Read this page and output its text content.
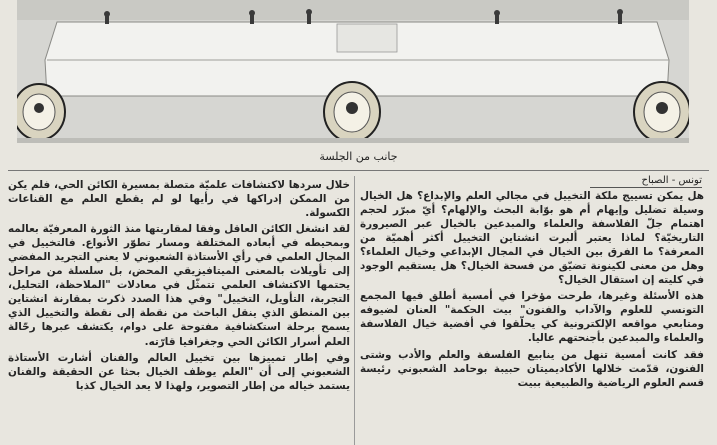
جانب من الجلسة
تونس - الصباح

هل يمكن تسييج ملكة التخييل في مجالي العلم والإبداع؟ هل الخيال وسيلة تضليل وإيهام أم هو بوّابة البحث والإلهام؟ أيّ مبرّر لحجم اهتمام جلّ الفلاسفة والعلماء والمبدعين بالخيال عبر الصيرورة التاريخيّة؟ لماذا يعتبر ألبرت انشتاين التخييل أكثر أهميّة من المعرفة؟ ما الفرق بين الخيال في المجال الإبداعي وخيال العلماء؟ وهل من معنى لكينونة تضيّق من فسحة الخيال؟ هل يستقيم الوجود في كليته إن استقال الخيال؟

هذه الأسئلة وغيرها، طرحت مؤخرا في أمسية أطلق فيها المجمع التونسي للعلوم والآداب والفنون" بيت الحكمة" العنان لضيوفه ومتابعي مواقعه الإلكترونية كي يحلّقوا في أفضية خيال الفلاسفة والعلماء والمبدعين بأجنحتهم عاليا.

فقد كانت أمسية تنهل من ينابيع الفلسفة والعلم والأدب وشتى الفنون، قدّمت خلالها الأكاديميتان حبيبة بوحامد الشعبوني رئيسة قسم العلوم الرياضية والطبيعية ببيت

خلال سردها لاكتشافات علميّة متصلة بمسيرة الكائن الحي، فلم يكن من الممكن إدراكها في رأيها لو لم يقطع العلم مع القناعات الكسولة.

لقد انشغل الكائن العاقل وفقا لمقاربتها منذ الثورة المعرفيّة بعالمه وبمحيطه في أبعاده المختلفة ومسار تطوّر الأنواع. فالتخييل في المجال العلمي في رأي الأستاذة الشعبوني لا يعني التجريد المفضي إلى تأويلات بالمعنى الميتافيزيقي المحض، بل سلسلة من مراحل يحتمها الاكتشاف العلمي تتمثّل في معادلات "الملاحظة، التحليل، التجربة، التأويل، التخييل" وفي هذا الصدد ذكرت بمقارنة انشتاين بين المنطق الذي ينقل الباحث من نقطة إلى نقطة والتخييل الذي يسمح برحلة استكشافية مفتوحة على دوام، يكتشف عبرها رحّالة العلم أسرار الكائن الحي وجغرافيا قارّته.

وفي إطار تمييزها بين تخييل العالم والفنان أشارت الأستاذة الشعبوني إلى أن "العلم يوظف الخيال بحثا عن الحقيقة والفنان يستمد خياله من إطار التصوير، ولهذا لا يعد الخيال كذبا
